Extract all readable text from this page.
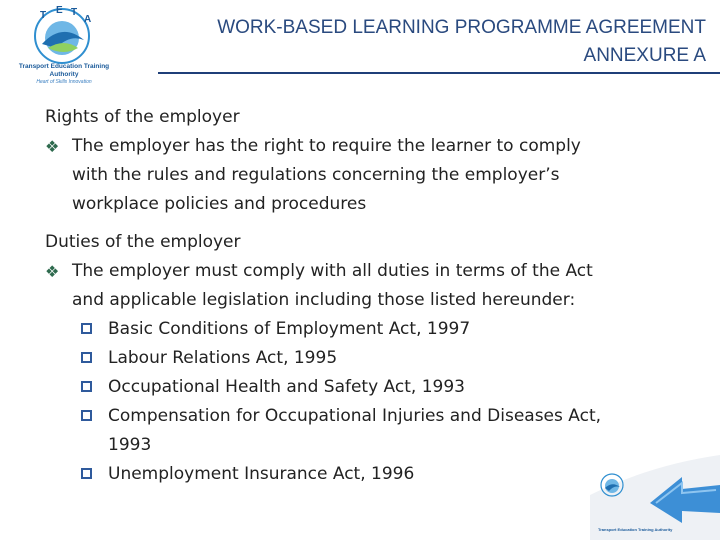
T E T
A
Transport Education Training Authority
Heart of Skills Innovation
WORK-BASED LEARNING PROGRAMME AGREEMENT
ANNEXURE A

Rights of the employer

❖ The employer has the right to require the learner to comply
with the rules and regulations concerning the employer’s
workplace policies and procedures

Duties of the employer

❖ The employer must comply with all duties in terms of the Act
and applicable legislation including those listed hereunder:
Basic Conditions of Employment Act, 1997
Labour Relations Act, 1995
Occupational Health and Safety Act, 1993
Compensation for Occupational Injuries and Diseases Act,
1993
Unemployment Insurance Act, 1996
Transport Education Training Authority
